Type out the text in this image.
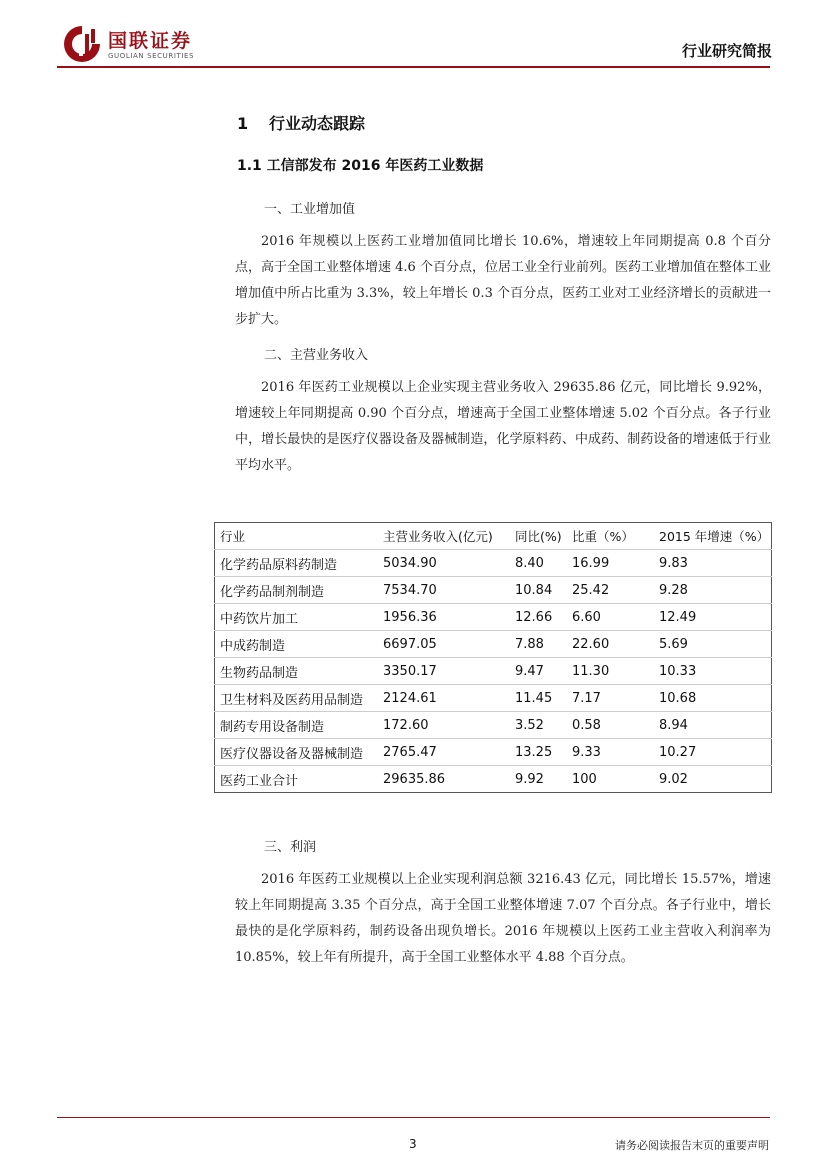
国联证券
GUOLIAN SECURITIES	行业研究简报
1 行业动态跟踪
1.1 工信部发布 2016 年医药工业数据
一、工业增加值

2016 年规模以上医药工业增加值同比增长 10.6%，增速较上年同期提高 0.8 个百分点，高于全国工业整体增速 4.6 个百分点，位居工业全行业前列。医药工业增加值在整体工业增加值中所占比重为 3.3%，较上年增长 0.3 个百分点，医药工业对工业经济增长的贡献进一步扩大。

二、主营业务收入

2016 年医药工业规模以上企业实现主营业务收入 29635.86 亿元，同比增长 9.92%，增速较上年同期提高 0.90 个百分点，增速高于全国工业整体增速 5.02 个百分点。各子行业中，增长最快的是医疗仪器设备及器械制造，化学原料药、中成药、制药设备的增速低于行业平均水平。

行业	主营业务收入(亿元)	同比(%)	比重（%）	2015 年增速（%）
化学药品原料药制造	5034.90	8.40	16.99	9.83
化学药品制剂制造	7534.70	10.84	25.42	9.28
中药饮片加工	1956.36	12.66	6.60	12.49
中成药制造	6697.05	7.88	22.60	5.69
生物药品制造	3350.17	9.47	11.30	10.33
卫生材料及医药用品制造	2124.61	11.45	7.17	10.68
制药专用设备制造	172.60	3.52	0.58	8.94
医疗仪器设备及器械制造	2765.47	13.25	9.33	10.27
医药工业合计	29635.86	9.92	100	9.02
三、利润

2016 年医药工业规模以上企业实现利润总额 3216.43 亿元，同比增长 15.57%，增速较上年同期提高 3.35 个百分点，高于全国工业整体增速 7.07 个百分点。各子行业中，增长最快的是化学原料药，制药设备出现负增长。2016 年规模以上医药工业主营收入利润率为 10.85%，较上年有所提升，高于全国工业整体水平 4.88 个百分点。

3	请务必阅读报告末页的重要声明
